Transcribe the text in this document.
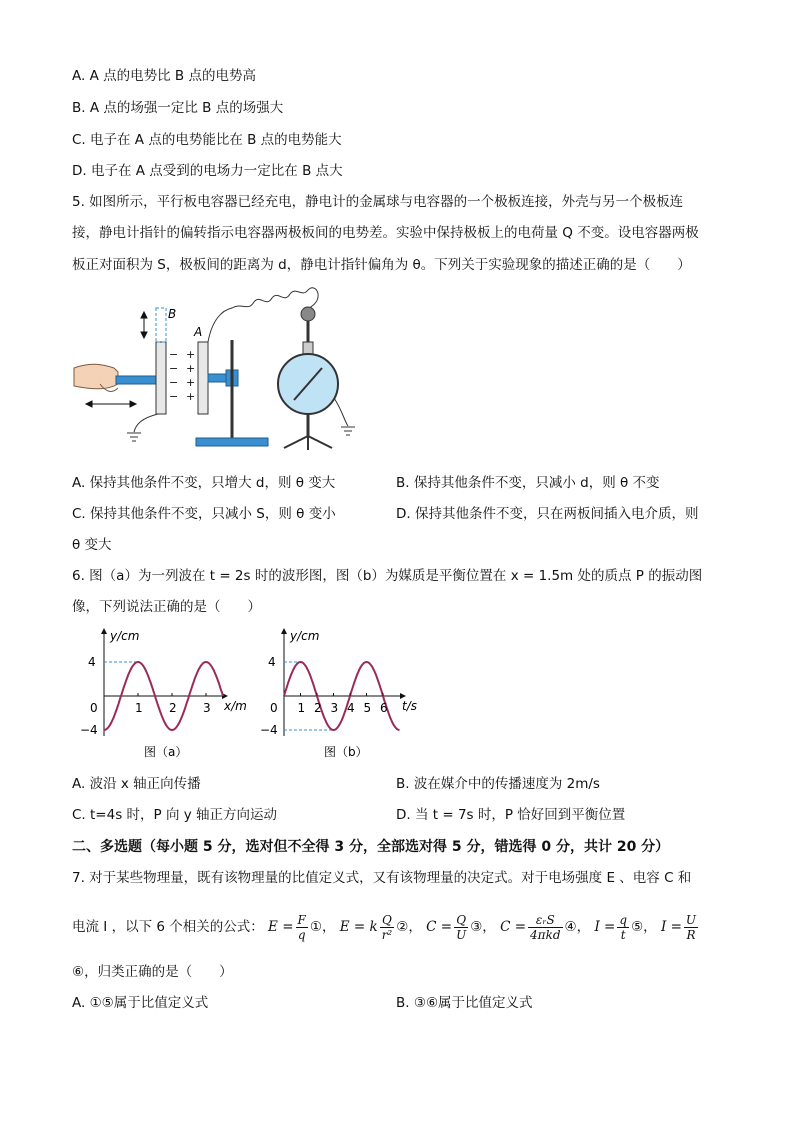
A. A 点的电势比 B 点的电势高
B. A 点的场强一定比 B 点的场强大
C. 电子在 A 点的电势能比在 B 点的电势能大
D. 电子在 A 点受到的电场力一定比在 B 点大
5. 如图所示，平行板电容器已经充电，静电计的金属球与电容器的一个极板连接，外壳与另一个极板连
接，静电计指针的偏转指示电容器两极板间的电势差。实验中保持极板上的电荷量 Q 不变。设电容器两极
板正对面积为 S，极板间的距离为 d，静电计指针偏角为 θ。下列关于实验现象的描述正确的是（　　）
B
−
−
−
−
A
+
+
+
+
A. 保持其他条件不变，只增大 d，则 θ 变大	B. 保持其他条件不变，只减小 d，则 θ 不变
C. 保持其他条件不变，只减小 S，则 θ 变小	D. 保持其他条件不变，只在两板间插入电介质，则
θ 变大
6. 图（a）为一列波在 t = 2s 时的波形图，图（b）为媒质是平衡位置在 x = 1.5m 处的质点 P 的振动图
像，下列说法正确的是（　　）
1 2 3
4
0
−4
y/cm
x/m
图（a）
1 2 3 4 5 6
4
0
−4
y/cm
t/s
图（b）
A. 波沿 x 轴正向传播	B. 波在媒介中的传播速度为 2m/s
C. t=4s 时，P 向 y 轴正方向运动	D. 当 t = 7s 时，P 恰好回到平衡位置
二、多选题（每小题 5 分，选对但不全得 3 分，全部选对得 5 分，错选得 0 分，共计 20 分）
7. 对于某些物理量，既有该物理量的比值定义式，又有该物理量的决定式。对于电场强度 E 、电容 C 和
电流 I ，以下 6 个相关的公式： $E = \frac{F}{q}$ ①， E = k $\frac{Q}{\text{r²}}$ ②， $C = \frac{Q}{U}$ ③， $C = \frac{\text{εᵣS}}{\text{4πkd}}$ ④， $I = \frac{q}{t}$ ⑤， $I = \frac{U}{R}$
⑥，归类正确的是（　　）
A. ①⑤属于比值定义式	B. ③⑥属于比值定义式
